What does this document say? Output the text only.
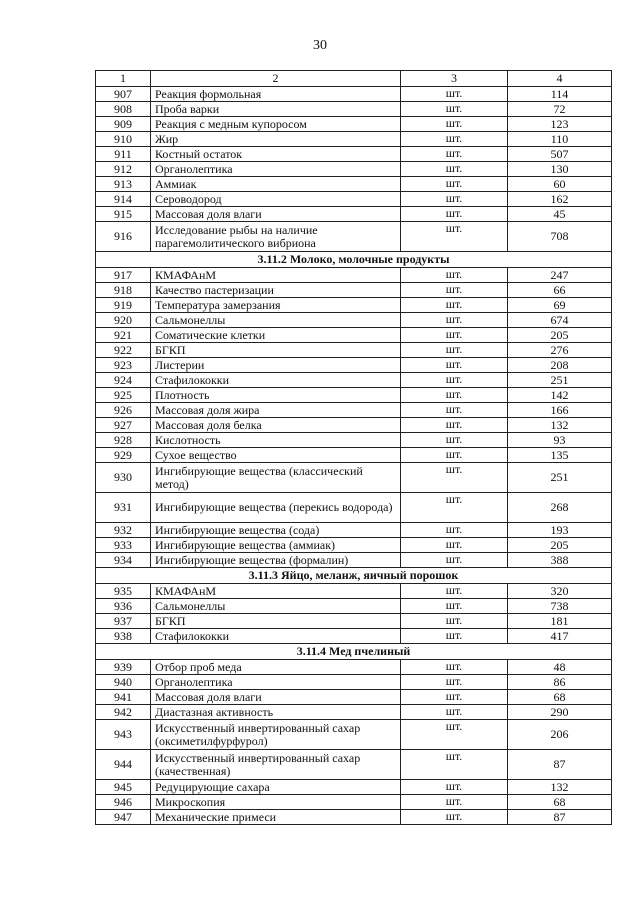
30
1	2	3	4
907	Реакция формольная	шт.	114
908	Проба варки	шт.	72
909	Реакция с медным купоросом	шт.	123
910	Жир	шт.	110
911	Костный остаток	шт.	507
912	Органолептика	шт.	130
913	Аммиак	шт.	60
914	Сероводород	шт.	162
915	Массовая доля влаги	шт.	45
916	Исследование рыбы на наличие парагемолитического вибриона	шт.	708
3.11.2 Молоко, молочные продукты			
917	КМАФАнМ	шт.	247
918	Качество пастеризации	шт.	66
919	Температура замерзания	шт.	69
920	Сальмонеллы	шт.	674
921	Соматические клетки	шт.	205
922	БГКП	шт.	276
923	Листерии	шт.	208
924	Стафилококки	шт.	251
925	Плотность	шт.	142
926	Массовая доля жира	шт.	166
927	Массовая доля белка	шт.	132
928	Кислотность	шт.	93
929	Сухое вещество	шт.	135
930	Ингибирующие вещества (классический метод)	шт.	251
931	Ингибирующие вещества (перекись водорода)	шт.	268
932	Ингибирующие вещества (сода)	шт.	193
933	Ингибирующие вещества (аммиак)	шт.	205
934	Ингибирующие вещества (формалин)	шт.	388
3.11.3 Яйцо, меланж, яичный порошок			
935	КМАФАнМ	шт.	320
936	Сальмонеллы	шт.	738
937	БГКП	шт.	181
938	Стафилококки	шт.	417
3.11.4 Мед пчелиный			
939	Отбор проб меда	шт.	48
940	Органолептика	шт.	86
941	Массовая доля влаги	шт.	68
942	Диастазная активность	шт.	290
943	Искусственный инвертированный сахар (оксиметилфурфурол)	шт.	206
944	Искусственный инвертированный сахар (качественная)	шт.	87
945	Редуцирующие сахара	шт.	132
946	Микроскопия	шт.	68
947	Механические примеси	шт.	87
